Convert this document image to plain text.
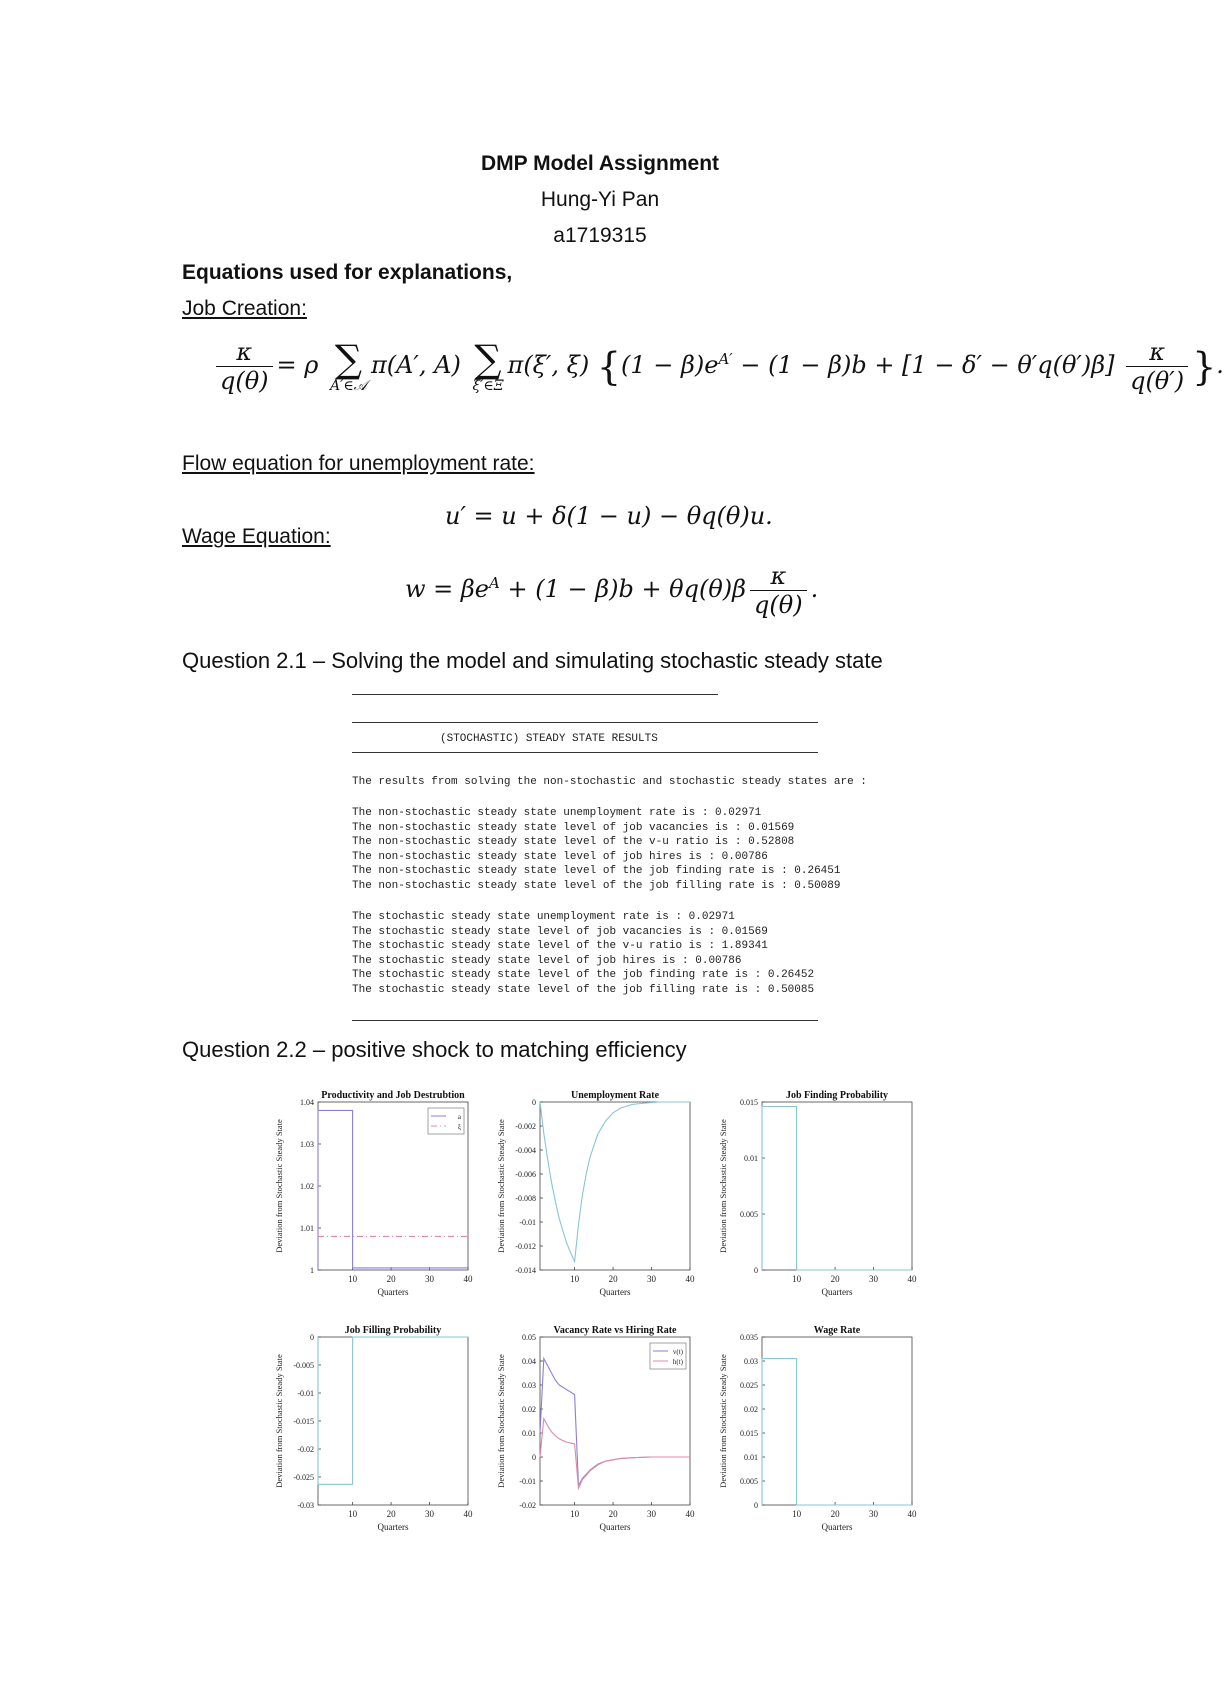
DMP Model Assignment
Hung-Yi Pan
a1719315
Equations used for explanations,
Job Creation:
$\frac{\kappa}{q(\theta)} = \rho$ ∑
A′∈𝒜
π(A′, A) ∑
ξ′∈Ξ
π(ξ′, ξ) {$(1 - \beta)e^{A'} - (1 - \beta)b + [1 - \delta' - \theta'q(\theta')\beta] \frac{\kappa}{q(\theta')}$ }.
Flow equation for unemployment rate:
u′ = u + δ(1 − u) − θq(θ)u.
Wage Equation:
$w = \beta e^A + (1 - \beta)b + \theta q(\theta)\beta \frac{\kappa}{q(\theta)}$ .
Question 2.1 – Solving the model and simulating stochastic steady state
(STOCHASTIC) STEADY STATE RESULTS
The results from solving the non-stochastic and stochastic steady states are :
The non-stochastic steady state unemployment rate is : 0.02971
The non-stochastic steady state level of job vacancies is : 0.01569
The non-stochastic steady state level of the v-u ratio is : 0.52808
The non-stochastic steady state level of job hires is : 0.00786
The non-stochastic steady state level of the job finding rate is : 0.26451
The non-stochastic steady state level of the job filling rate is : 0.50089
The stochastic steady state unemployment rate is : 0.02971
The stochastic steady state level of job vacancies is : 0.01569
The stochastic steady state level of the v-u ratio is : 1.89341
The stochastic steady state level of job hires is : 0.00786
The stochastic steady state level of the job finding rate is : 0.26452
The stochastic steady state level of the job filling rate is : 0.50085
Question 2.2 – positive shock to matching efficiency
Productivity and Job Destrubtion
10	20	30	40
1
1.01
1.02
1.03
1.04
Quarters
Deviation from Stochastic Steady State
a
ξ
Unemployment Rate
10	20	30	40
-0.014
-0.012
-0.01
-0.008
-0.006
-0.004
-0.002
0
Quarters
Deviation from Stochastic Steady State
Job Finding Probability
10	20	30	40
0
0.005
0.01
0.015
Quarters
Deviation from Stochastic Steady State
Job Filling Probability
10	20	30	40
-0.03
-0.025
-0.02
-0.015
-0.01
-0.005
0
Quarters
Deviation from Stochastic Steady State
Vacancy Rate vs Hiring Rate
10	20	30	40
-0.02
-0.01
0
0.01
0.02
0.03
0.04
0.05
Quarters
Deviation from Stochastic Steady State
v(t)
h(t)
Wage Rate
10	20	30	40
0
0.005
0.01
0.015
0.02
0.025
0.03
0.035
Quarters
Deviation from Stochastic Steady State
